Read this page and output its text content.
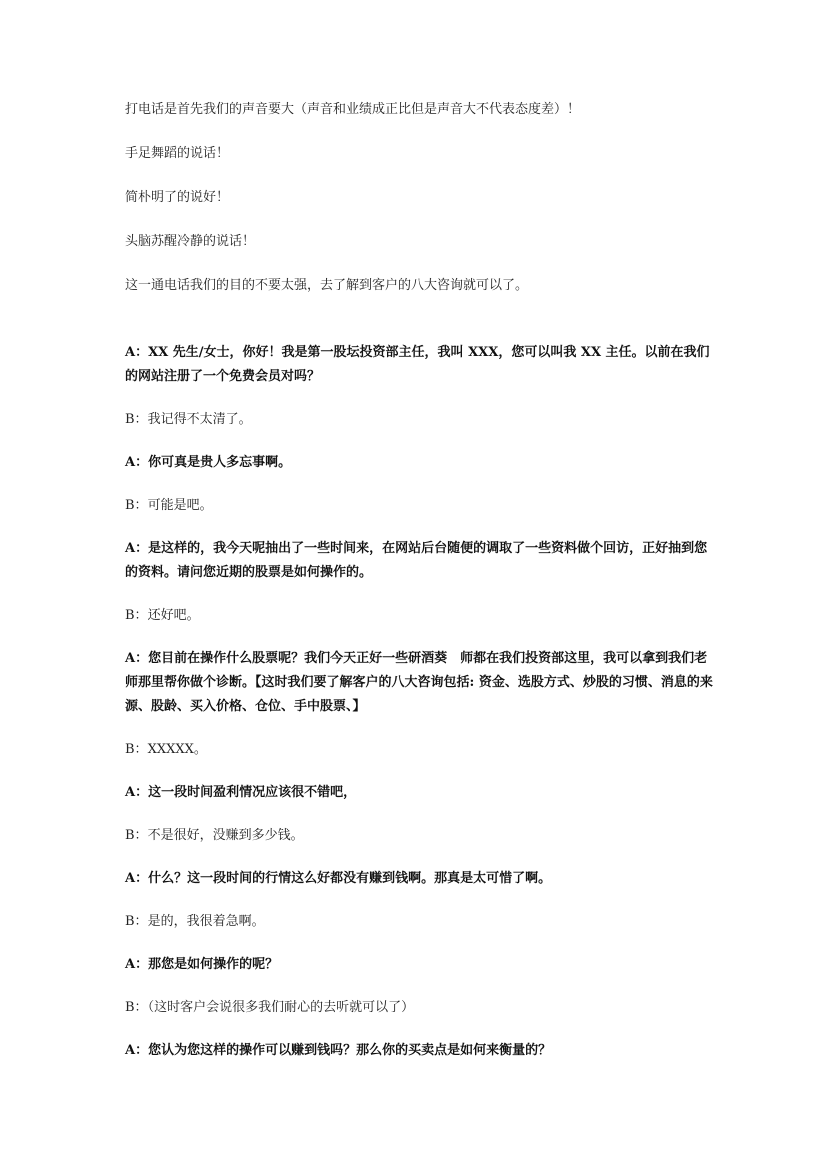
打电话是首先我们的声音要大（声音和业绩成正比但是声音大不代表态度差）！

手足舞蹈的说话！

简朴明了的说好！

头脑苏醒冷静的说话！

这一通电话我们的目的不要太强，去了解到客户的八大咨询就可以了。

A：XX 先生/女士，你好！我是第一股坛投资部主任，我叫 XXX，您可以叫我 XX 主任。以前在我们的网站注册了一个免费会员对吗？

B：我记得不太清了。

A：你可真是贵人多忘事啊。

B：可能是吧。

A：是这样的，我今天呢抽出了一些时间来，在网站后台随便的调取了一些资料做个回访，正好抽到您的资料。请问您近期的股票是如何操作的。

B：还好吧。

A：您目前在操作什么股票呢？我们今天正好一些研酒葵　师都在我们投资部这里，我可以拿到我们老师那里帮你做个诊断。【这时我们要了解客户的八大咨询包括: 资金、选股方式、炒股的习惯、消息的来源、股龄、买入价格、仓位、手中股票、】

B：XXXXX。

A：这一段时间盈利情况应该很不错吧，

B：不是很好，没赚到多少钱。

A：什么？这一段时间的行情这么好都没有赚到钱啊。那真是太可惜了啊。

B：是的，我很着急啊。

A：那您是如何操作的呢？

B：（这时客户会说很多我们耐心的去听就可以了）

A：您认为您这样的操作可以赚到钱吗？那么你的买卖点是如何来衡量的？
